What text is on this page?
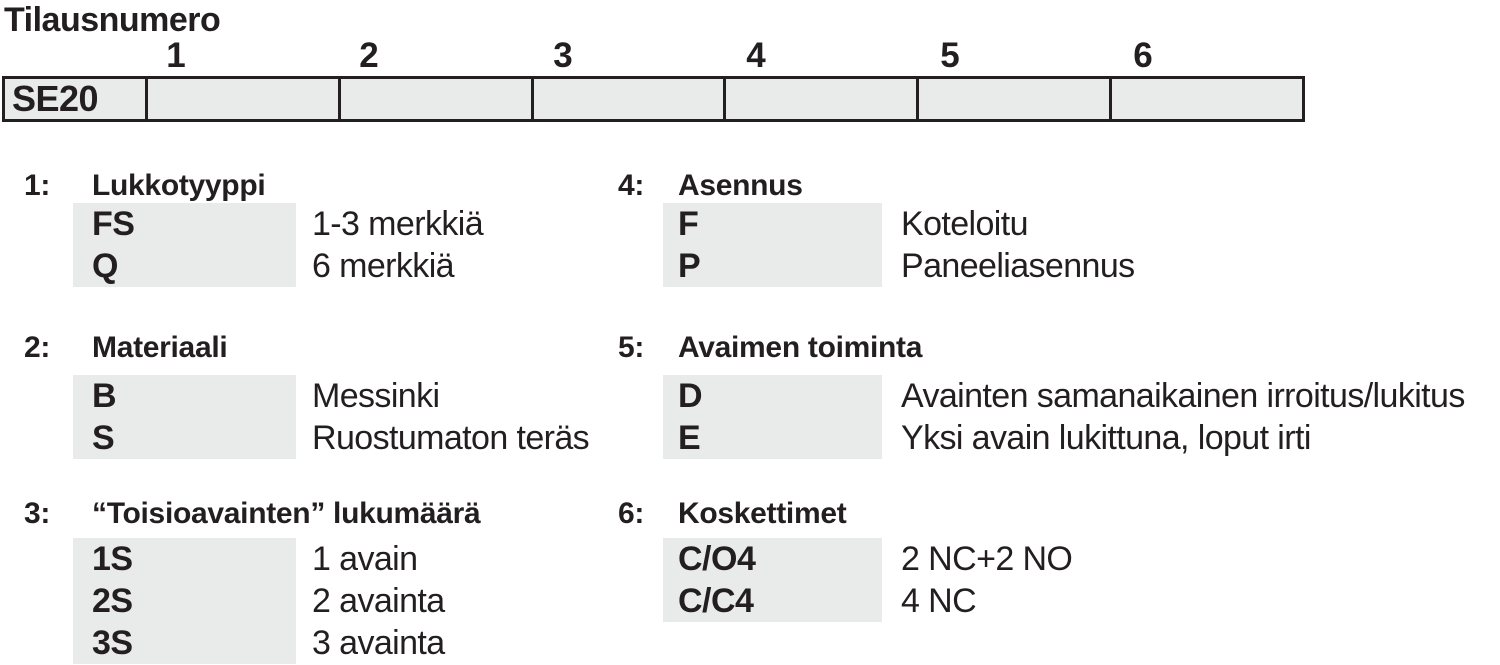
Tilausnumero
1	2	3	4	5	6
SE20
1:	Lukkotyyppi
FS	1-3 merkkiä
Q	6 merkkiä
2:	Materiaali
B	Messinki
S	Ruostumaton teräs
3:	“Toisioavainten” lukumäärä
1S	1 avain
2S	2 avainta
3S	3 avainta
4:	Asennus
F	Koteloitu
P	Paneeliasennus
5:	Avaimen toiminta
D	Avainten samanaikainen irroitus/lukitus
E	Yksi avain lukittuna, loput irti
6:	Koskettimet
C/O4	2 NC+2 NO
C/C4	4 NC
